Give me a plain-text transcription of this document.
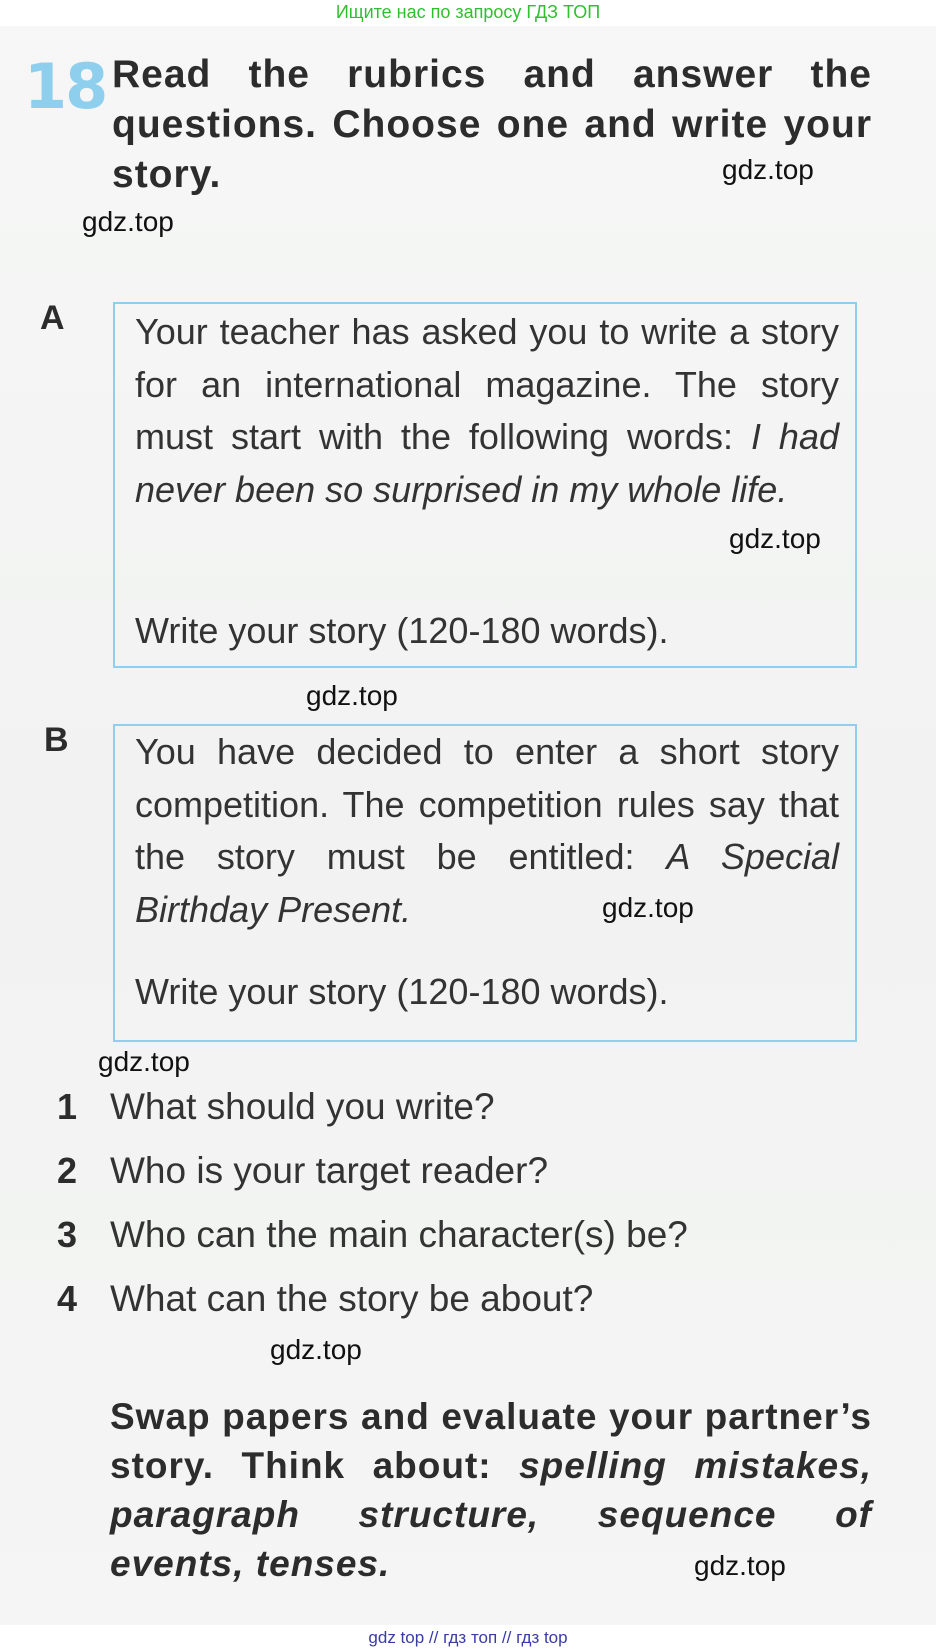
Ищите нас по запросу ГДЗ ТОП
18 Read the rubrics and answer the questions. Choose one and write your story.	gdz.top
gdz.top
A Your teacher has asked you to write a story for an international magazine. The story must start with the following words: I had never been so surprised in my whole life.
Write your story (120-180 words).
gdz.top
gdz.top
B You have decided to enter a short story competition. The competition rules say that the story must be entitled: A Special Birthday Present.
Write your story (120-180 words).
gdz.top
gdz.top
1 What should you write?
2 Who is your target reader?
3 Who can the main character(s) be?
4 What can the story be about?
gdz.top
Swap papers and evaluate your partner’s story. Think about: spelling mistakes, paragraph structure, sequence of events, tenses.	gdz.top
gdz top // гдз топ // гдз top
